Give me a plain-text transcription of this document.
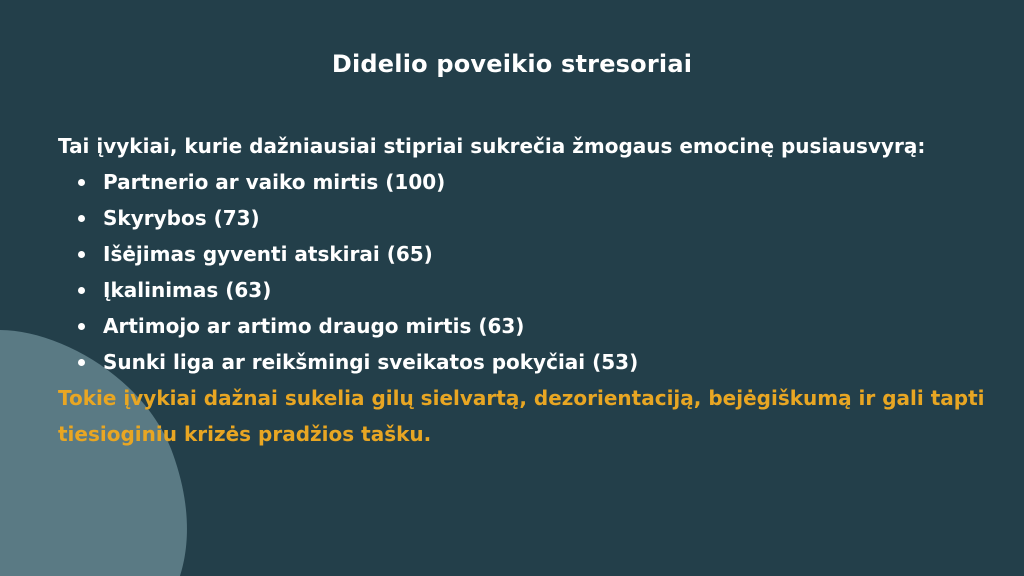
Didelio poveikio stresoriai

Tai įvykiai, kurie dažniausiai stipriai sukrečia žmogaus emocinę pusiausvyrą:

Partnerio ar vaiko mirtis (100)
Skyrybos (73)
Išėjimas gyventi atskirai (65)
Įkalinimas (63)
Artimojo ar artimo draugo mirtis (63)
Sunki liga ar reikšmingi sveikatos pokyčiai (53)

Tokie įvykiai dažnai sukelia gilų sielvartą, dezorientaciją, bejėgiškumą ir gali tapti tiesioginiu krizės pradžios tašku.
